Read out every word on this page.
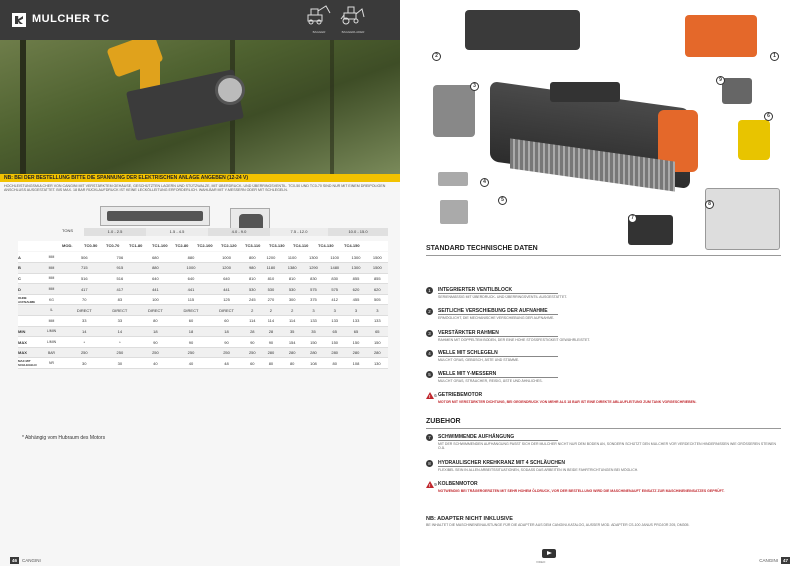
MULCHER TC
BAGGER	BAGGERLADER
NB: BEI DER BESTELLUNG BITTE DIE SPANNUNG DER ELEKTRISCHEN ANLAGE ANGEBEN (12-24 V)
HOCHLEISTUNGSMULCHER VON CANGINI MIT VERSTÄRKTEM GEHÄUSE, GESCHÜTZTEN LAGERN UND STÜTZWALZE, MIT ÜBERDRUCK- UND ÜBERRINGSVENTIL. TC0-50 UND TC0-70 SIND NUR MIT EINEM DREIPOLIGEN ANSCHLUSS AUSGESTATTET. BIS MAX. 18 BAR RÜCKLAUFDRUCK IST KEINE LECKÖLLEITUNG ERFORDERLICH. WAHLBAR MIT Y-MESSERN ODER MIT SCHLEGELN.
TONS	1.0 - 2.5	1.5 - 4.5	4.0 - 9.0	7.5 - 12.0	10.0 - 15.0
MOD.	TC0-50 TC0-70 TC1-80 TC1-100 TC2-80 TC2-100 TC2-120 TC3-110 TC3-130 TC4-110 TC4-130	TC4-150
A	MM	506	706	680	880	1000	800	1200	1100	1300	1100	1300	1500
B	MM	715	915	880	1000	1200	980	1180	1380	1290	1480	1300	1500
C	MM	516	516	640	640	640	810	810	810	830	830	855	855
D	MM	417	417	441	441	441	530	530	530	575	575	620	620
OHNE AUFNAHME	KG	70	83	100	115	125	245	270	300	375	412	455	505
	/L	DIRECT	DIRECT	DIRECT	DIRECT	DIRECT	2	2	2	3	3	3	3
	MM	33	33	80	60	60	114	114	114	133	133	133	133
MIN	L/MIN	14	14	18	18	18	28	28	35	35	65	65	65
MAX	L/MIN	*	*	90	90	90	90	90	154	150	150	150	150
MAX	BAR	250	250	250	250	250	250	280	280	280	280	280	280
MAX MIT SCHLEGELN	NR	30	30	40	40	48	60	80	80	108	80	108	130
* Abhängig vom Hubraum des Motors
46	CANGINI
1
2
3
4
5
6
7
8
9
STANDARD TECHNISCHE DATEN
1	INTEGRIERTER VENTILBLOCK
SERIENMÄSSIG MIT ÜBERDRUCK- UND ÜBERRINGSVENTIL AUSGESTATTET.
2	SEITLICHE VERSCHIEBUNG DER AUFNAHME
ERMÖGLICHT, DIE MECHANISCHE VERSCHIEBUNG DER AUFNAHME.
3	VERSTÄRKTER RAHMEN
RAHMEN MIT DOPPELTEM BODEN, DER EINE HOHE STOSSFESTIGKEIT GEWÄHRLEISTET.
4	WELLE MIT SCHLEGELN
MULCHT GRAS, GEBÜSCH, ÄSTE UND STÄMME.
5	WELLE MIT Y-MESSERN
MULCHT GRAS, STRÄUCHER, REISIG, ÄSTE UND ÄHNLICHES.
!
6 GETRIEBEMOTOR
MOTOR MIT VERSTÄRKTER DICHTUNG, BEI GEGENDRUCK VON MEHR ALS 18 BAR IST EINE DIREKTE ABLAUFLEITUNG ZUM TANK VORGESCHRIEBEN.
ZUBEHOR
7	SCHWIMMENDE AUFHÄNGUNG
MIT DER SCHWIMMENDEN AUFHÄNGUNG PASST SICH DER MULCHER NICHT NUR DEM BODEN AN, SONDERN SCHÜTZT DEN MULCHER VOR VERDECKTEN HINDERNISSEN WIE GRÖSSEREN STEINEN O.Ä.
8	HYDRAULISCHER KREHKRANZ MIT 4 SCHLÄUCHEN
FLEXIBEL SEIN IN ALLEN ARBEITSSITUATIONEN, SODASS DAS ARBEITEN IN BEIDE FAHRTRICHTUNGEN BEI MÖGLICH.
!
9 KOLBENMOTOR
NOTWENDIG BEI TRÄGERGERÄTEN MIT SEHR HOHEM ÖLDRUCK, VOR DER BESTELLUNG WIRD DIE MASCHINENAUFT EINSATZ ZUR MASCHINENEINSATZES GEPRÜFT.
NB: ADAPTER NICHT INKLUSIVE
BE INHALTET DIE MASCHINENEINAUSTUNGE FÜR DIE ADAPTER AUS DEM CANGINI-KATALOG, AUSSER MOD. ADAPTER CS-100 JANUS PROJOR 205, DM305.
VIDEO	CANGINI	47
